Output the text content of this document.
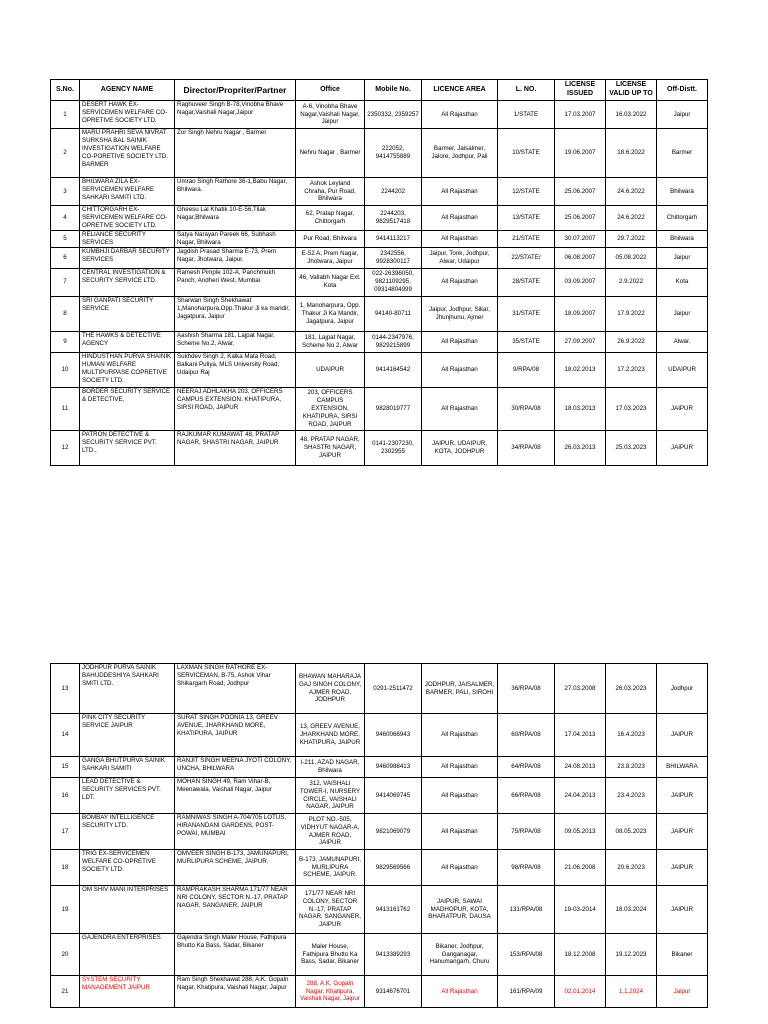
S.No.	AGENCY NAME	Director/Propriter/Partner	Office	Mobile No.	LICENCE AREA	L. NO.	LICENSE ISSUED	LICENSE VALID UP TO	Off-Distt.
1	DESERT HAWK EX-SERVICEMEN WELFARE CO-OPRETIVE SOCIETY LTD.	Raghuveer Singh B-78,Vinobha Bhave Nagar,Vaishali Nagar,Jaipur	A-6, Vinobha Bhave Nagar,Vaishali Nagar, Jaipur	2350332, 2359257	All Rajasthan	1/STATE	17.03.2007	16.03.2022	Jaipur
2	MARU PRAHRI SEVA NIVRAT SURKSHA BAL SAINIK INVESTIGATION WELFARE CO-PORETIVE SOCIETY LTD. BARMER	Zor Singh Nehru Nagar , Barmer	Nehru Nagar , Barmer	222052, 9414755889	Barmer, Jaisalmer, Jalore, Jodhpur, Pali	10/STATE	19.06.2007	18.6.2022	Barmer
3	BHILWARA ZILA EX-SERVICEMEN WELFARE SAHKARI SAMITI LTD.	Umrao Singh Rathore 36-1,Babu Nagar, Bhilwara.	Ashok Leyland Chraha, Pur Road, Bhilwara	2244202	All Rajasthan	12/STATE	25.06.2007	24.6.2022	Bhilwara
4	CHITTORGARH EX-SERVICEMEN WELFARE CO-OPRETIVE SOCIETY LTD.	Gheesu Lal Khatik 10-E-56,Tilak Nagar,Bhilwara	62, Pratap Nagar, Chittorgarh	2244203, 9829517418	All Rajasthan	13/STATE	25.06.2007	24.6.2022	Chittorgarh
5	RELIANCE SECURITY SERVICES	Satya Narayan Pareek 66, Subhash Nagar, Bhilwara	Pur Road, Bhilwara	9414113217	All Rajasthan	21/STATE	30.07.2007	29.7.2022	Bhilwara
6	KUMBHJI DARBAR SECURITY SERVICES	Jagdish Prasad Sharma E-73, Prem Nagar, Jhotwara, Jaipur.	E-52 A, Prem Nagar, Jhotwara, Jaipur	2342556, 9928300117	Jaipur, Tonk, Jodhpur, Alwar, Udaipur	22/STATE/	06.08.2007	05.08.2022	Jaipur
7	CENTRAL INVESTIGATION & SECURITY SERVICE LTD.	Ramesh Pimple 102-A, Panchmukh Panch, Andheri West, Mumbai	46, Vallabh Nagar Ext. Kota	022-26396050, 9821109295, 09314804999	All Rajasthan	28/STATE	03.09.2007	2.9.2022	Kota
8	SRI GANPATI SECURITY SERVICE	Sharwan Singh Shekhawat 1,Manoharpura,Opp.Thakur Ji ka mandir, Jagatpura, Jaipur	1, Manoharpura, Opp. Thakur Ji Ka Mandir, Jagatpura, Jaipur	94140-80711	Jaipur, Jodhpur, Sikar, Jhunjhunu, Ajmer	31/STATE	18.09.2007	17.9.2022	Jaipur
9	THE HAWKS & DETECTIVE AGENCY	Aashish Sharma 181, Lajpat Nagar, Scheme No.2, Alwar.	181, Lajpat Nagar, Scheme No 2, Alwar	0144-2347976, 9829215899	All Rajasthan	35/STATE	27.09.2007	26.9.2022	Alwar.
10	HINDUSTHAN PURVA SHAINIK HUMAN WELFARE MULTIPURPASE COPRETIVE SOCIETY LTD.	Sukhdev Singh 2, Kalka Mata Road, Balkani Puliya, MLS University Road, Udaipur Raj	UDAIPUR	9414164542	All Rajasthan	9/RPA/08	18.02.2013	17.2.2023	UDAIPUR
11	BORDER SECURITY SERVICE & DETECTIVE,	NEERAJ ADHLAKHA 203, OFFICERS CAMPUS EXTENSION, KHATIPURA, SIRSI ROAD, JAIPUR	203, OFFICERS CAMPUS EXTENSION, KHATIPURA, SIRSI ROAD, JAIPUR	9828019777	All Rajasthan	30/RPA/08	18.03.2013	17.03.2023	JAIPUR
12	PATRON DETECTIVE & SECURITY SERVICE PVT. LTD.,	RAJKUMAR KUMAWAT 48, PRATAP NAGAR, SHASTRI NAGAR, JAIPUR	48, PRATAP NAGAR, SHASTRI NAGAR, JAIPUR	0141-2307230, 2302955	JAIPUR, UDAIPUR, KOTA, JODHPUR	34/RPA/08	26.03.2013	25.03.2023	JAIPUR
13	JODHPUR PURVA SAINIK BAHUDDESHIYA SAHKARI SMITI LTD.	LAXMAN SINGH RATHORE EX-SERVICEMAN, B-75, Ashok Vihar Shikargarh Road, Jodhpur	BHAWAN MAHARAJA GAJ SINGH COLONY, AJMER ROAD, JODHPUR	0291-2511472	JODHPUR, JAISALMER, BARMER, PALI, SIROHI	36/RPA/08	27.03.2008	26.03.2023	Jodhpur
14	PINK CITY SECURITY SERVICE JAIPUR	SURAT SINGH POONIA 13, GREEV AVENUE, JHARKHAND MORE, KHATIPURA, JAIPUR	13, GREEV AVENUE, JHARKHAND MORE, KHATIPURA, JAIPUR	9460066943	All Rajasthan	60/RPA/08	17.04.2013	16.4.2023	JAIPUR
15	GANGA BHUTPURVA SAINIK SAHKARI SAMITI	RANJIT SINGH MEENA JYOTI COLONY, UNCHA, BHILWARA	I-211, AZAD NAGAR, Bhilwara	9460988413	All Rajasthan	64/RPA/08	24.08.2013	23.8.2023	BHILWARA
16	LEAD DETECTIVE & SECURITY SERVICES PVT. LDT.	MOHAN SINGH 49, Ram Vihar-B, Meenawala, Vaishali Nagar, Jaipur	312, VAISHALI TOWER-I, NURSERY CIRCLE, VAISHALI NAGAR, JAIPUR	9414069745	All Rajasthan	66/RPA/08	24.04.2013	23.4.2023	JAIPUR
17	BOMBAY INTELLIGENCE SECURITY LTD.	RAMNIWAS SINGH A-704/705 LOTUS, HIRANANDANI GARDENS, POST-POWAI, MUMBAI	PLOT NO.-505, VIDHYUT NAGAR-A, AJMER ROAD, JAIPUR	9821069079	All Rajasthan	75/RPA/08	09.05.2013	08.05.2023	JAIPUR
18	TRIG EX-SERVICEMEN WELFARE CO-OPRETIVE SOCIETY LTD.	OMVEER SINGH B-173, JAMUNAPURI, MURLIPURA SCHEME, JAIPUR.	B-173, JAMUNAPURI, MURLIPURA SCHEME, JAIPUR.	9829569566	All Rajasthan	98/RPA/08	21.06.2008	20.6.2023	JAIPUR
19	OM SHIV MANI INTERPRISES	RAMPRAKASH SHARMA 171/77 NEAR NRI COLONY, SECTOR N.-17, PRATAP NAGAR, SANGANER, JAIPUR	171/77 NEAR NRI COLONY, SECTOR N.-17, PRATAP NAGAR, SANGANER, JAIPUR	9413161762	JAIPUR, SAWAI MADHOPUR, KOTA, BHARATPUR, DAUSA	131/RPA/08	19-03-2014	18.03.2024	JAIPUR
20	GAJENDRA ENTERPRISES	Gajendra Singh Maler House, Fathipura Bhutto Ka Bass, Sadar, Bikaner	Maler House, Fathipura Bhutto Ka Bass, Sadar, Bikaner	9413389293	Bikaner, Jodhpur, Ganganagar, Hanumangarh, Churu	153/RPA/08	18.12.2008	19.12.2023	Bikaner
21	SYSTEM SECURITY MANAGEMENT JAIPUR	Ram Singh Shekhawat 288, A.K. Gopaln Nagar, Khatipura, Vaishali Nagar, Jaipur	288, A.K. Gopaln Nagar, Khatipura, Vaishali Nagar, Jaipur	9314676701	All Rajasthan	161/RPA/09	02.01.2014	1.1.2024	Jaipur
